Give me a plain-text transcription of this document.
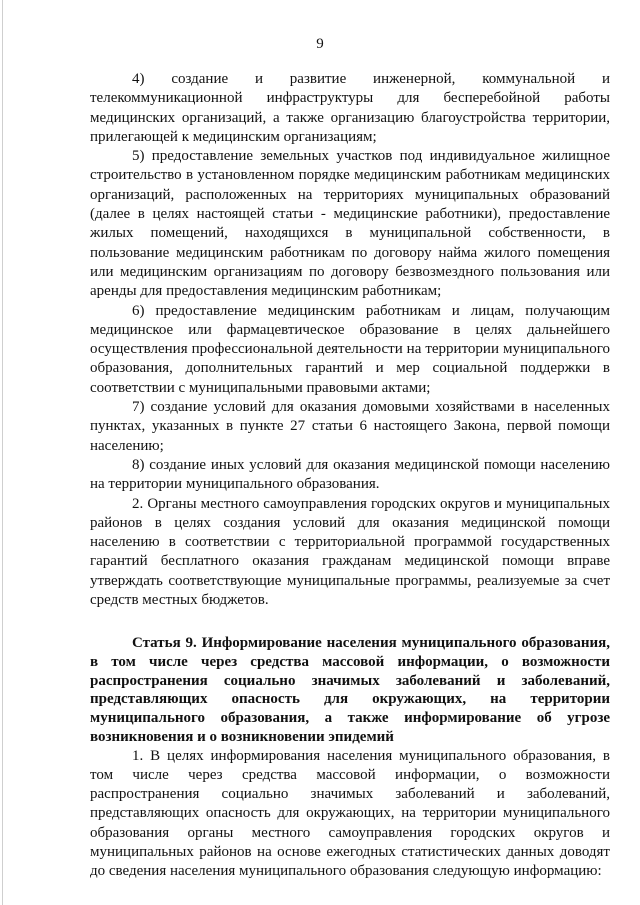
9

4) создание и развитие инженерной, коммунальной и телекоммуникационной инфраструктуры для бесперебойной работы медицинских организаций, а также организацию благоустройства территории, прилегающей к медицинским организациям;

5) предоставление земельных участков под индивидуальное жилищное строительство в установленном порядке медицинским работникам медицинских организаций, расположенных на территориях муниципальных образований (далее в целях настоящей статьи - медицинские работники), предоставление жилых помещений, находящихся в муниципальной собственности, в пользование медицинским работникам по договору найма жилого помещения или медицинским организациям по договору безвозмездного пользования или аренды для предоставления медицинским работникам;

6) предоставление медицинским работникам и лицам, получающим медицинское или фармацевтическое образование в целях дальнейшего осуществления профессиональной деятельности на территории муниципального образования, дополнительных гарантий и мер социальной поддержки в соответствии с муниципальными правовыми актами;

7) создание условий для оказания домовыми хозяйствами в населенных пунктах, указанных в пункте 27 статьи 6 настоящего Закона, первой помощи населению;

8) создание иных условий для оказания медицинской помощи населению на территории муниципального образования.

2. Органы местного самоуправления городских округов и муниципальных районов в целях создания условий для оказания медицинской помощи населению в соответствии с территориальной программой государственных гарантий бесплатного оказания гражданам медицинской помощи вправе утверждать соответствующие муниципальные программы, реализуемые за счет средств местных бюджетов.

Статья 9. Информирование населения муниципального образования, в том числе через средства массовой информации, о возможности распространения социально значимых заболеваний и заболеваний, представляющих опасность для окружающих, на территории муниципального образования, а также информирование об угрозе возникновения и о возникновении эпидемий

1. В целях информирования населения муниципального образования, в том числе через средства массовой информации, о возможности распространения социально значимых заболеваний и заболеваний, представляющих опасность для окружающих, на территории муниципального образования органы местного самоуправления городских округов и муниципальных районов на основе ежегодных статистических данных доводят до сведения населения муниципального образования следующую информацию:
